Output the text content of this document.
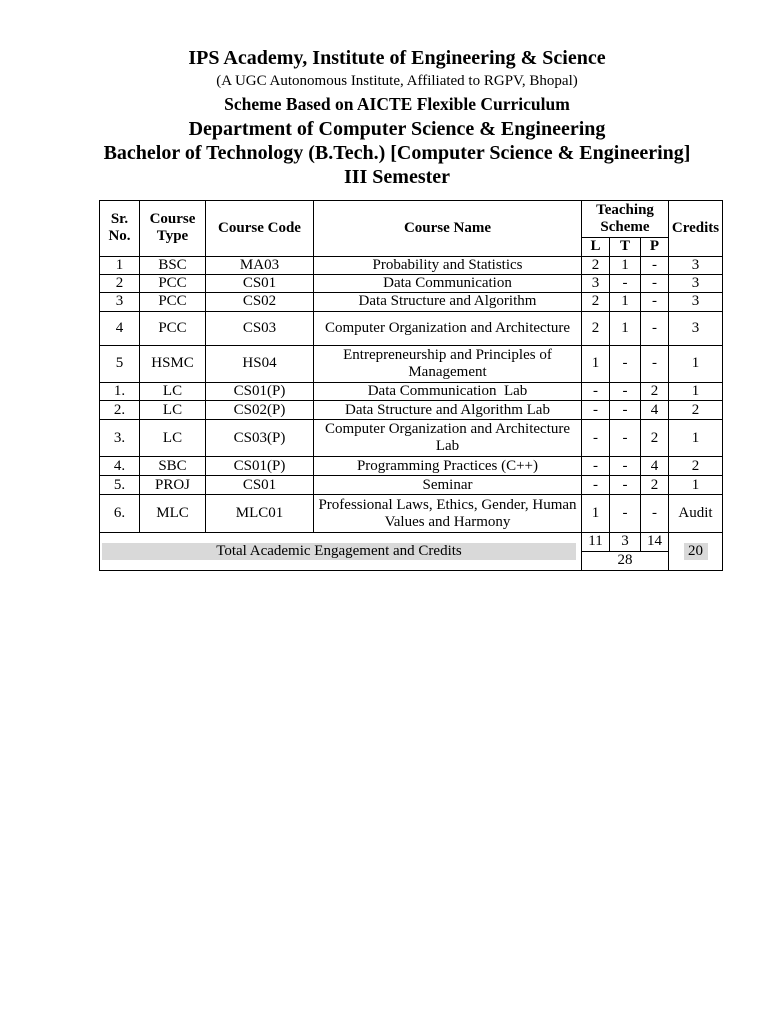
IPS Academy, Institute of Engineering & Science
(A UGC Autonomous Institute, Affiliated to RGPV, Bhopal)
Scheme Based on AICTE Flexible Curriculum
Department of Computer Science & Engineering
Bachelor of Technology (B.Tech.) [Computer Science & Engineering]
III Semester
Sr. No.	Course Type	Course Code	Course Name	Teaching Scheme			Credits
				L	T	P	
1	BSC	MA03	Probability and Statistics	2	1	-	3
2	PCC	CS01	Data Communication	3	-	-	3
3	PCC	CS02	Data Structure and Algorithm	2	1	-	3
4	PCC	CS03	Computer Organization and Architecture	2	1	-	3
5	HSMC	HS04	Entrepreneurship and Principles of Management	1	-	-	1
1.	LC	CS01(P)	Data Communication  Lab	-	-	2	1
2.	LC	CS02(P)	Data Structure and Algorithm Lab	-	-	4	2
3.	LC	CS03(P)	Computer Organization and Architecture Lab	-	-	2	1
4.	SBC	CS01(P)	Programming Practices (C++)	-	-	4	2
5.	PROJ	CS01	Seminar	-	-	2	1
6.	MLC	MLC01	Professional Laws, Ethics, Gender, Human Values and Harmony	1	-	-	Audit

Total Academic Engagement and Credits				11	3	14	20
				28			
